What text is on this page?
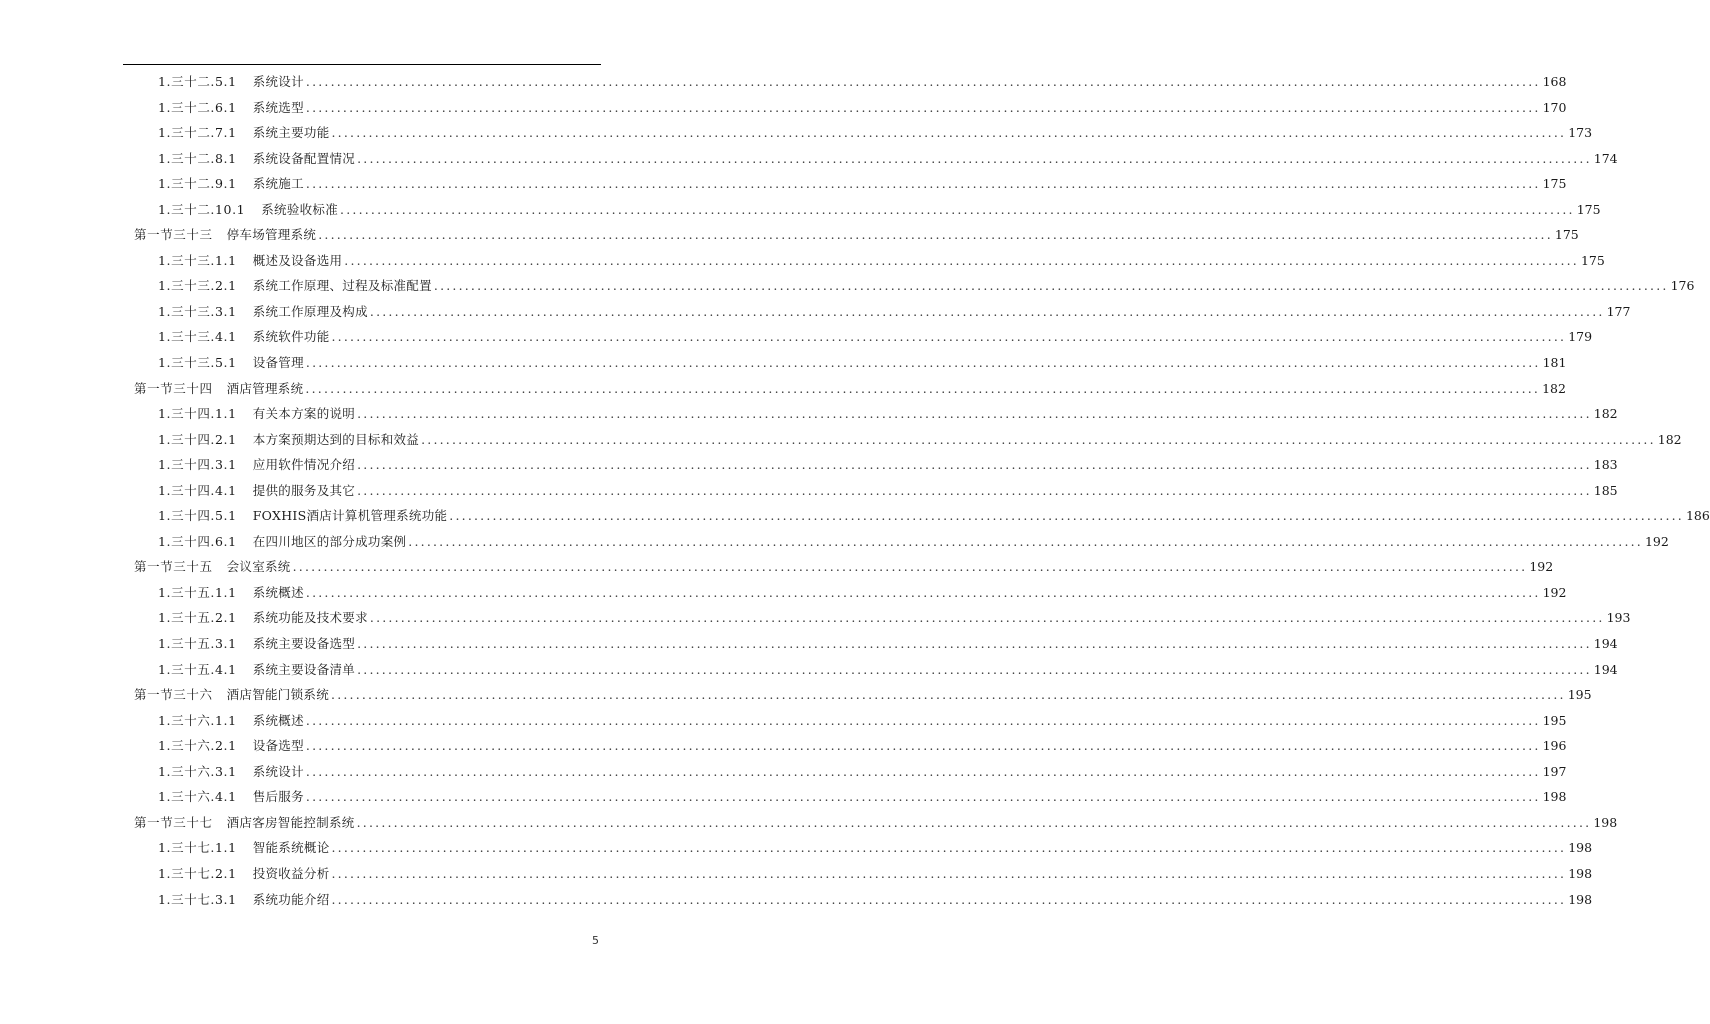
1.三十二.5.1 系统设计 ........................................................................................................................................................................................................ 168
1.三十二.6.1 系统选型 ........................................................................................................................................................................................................ 170
1.三十二.7.1 系统主要功能 ........................................................................................................................................................................................................ 173
1.三十二.8.1 系统设备配置情况 ........................................................................................................................................................................................................ 174
1.三十二.9.1 系统施工 ........................................................................................................................................................................................................ 175
1.三十二.10.1 系统验收标准 ........................................................................................................................................................................................................ 175
第一节三十三 停车场管理系统 ........................................................................................................................................................................................................ 175
1.三十三.1.1 概述及设备选用 ........................................................................................................................................................................................................ 175
1.三十三.2.1 系统工作原理、过程及标准配置 ........................................................................................................................................................................................................ 176
1.三十三.3.1 系统工作原理及构成 ........................................................................................................................................................................................................ 177
1.三十三.4.1 系统软件功能 ........................................................................................................................................................................................................ 179
1.三十三.5.1 设备管理 ........................................................................................................................................................................................................ 181
第一节三十四 酒店管理系统 ........................................................................................................................................................................................................ 182
1.三十四.1.1 有关本方案的说明 ........................................................................................................................................................................................................ 182
1.三十四.2.1 本方案预期达到的目标和效益 ........................................................................................................................................................................................................ 182
1.三十四.3.1 应用软件情况介绍 ........................................................................................................................................................................................................ 183
1.三十四.4.1 提供的服务及其它 ........................................................................................................................................................................................................ 185
1.三十四.5.1 FOXHIS酒店计算机管理系统功能 ........................................................................................................................................................................................................ 186
1.三十四.6.1 在四川地区的部分成功案例 ........................................................................................................................................................................................................ 192
第一节三十五 会议室系统 ........................................................................................................................................................................................................ 192
1.三十五.1.1 系统概述 ........................................................................................................................................................................................................ 192
1.三十五.2.1 系统功能及技术要求 ........................................................................................................................................................................................................ 193
1.三十五.3.1 系统主要设备选型 ........................................................................................................................................................................................................ 194
1.三十五.4.1 系统主要设备清单 ........................................................................................................................................................................................................ 194
第一节三十六 酒店智能门锁系统 ........................................................................................................................................................................................................ 195
1.三十六.1.1 系统概述 ........................................................................................................................................................................................................ 195
1.三十六.2.1 设备选型 ........................................................................................................................................................................................................ 196
1.三十六.3.1 系统设计 ........................................................................................................................................................................................................ 197
1.三十六.4.1 售后服务 ........................................................................................................................................................................................................ 198
第一节三十七 酒店客房智能控制系统 ........................................................................................................................................................................................................ 198
1.三十七.1.1 智能系统概论 ........................................................................................................................................................................................................ 198
1.三十七.2.1 投资收益分析 ........................................................................................................................................................................................................ 198
1.三十七.3.1 系统功能介绍 ........................................................................................................................................................................................................ 198
5
